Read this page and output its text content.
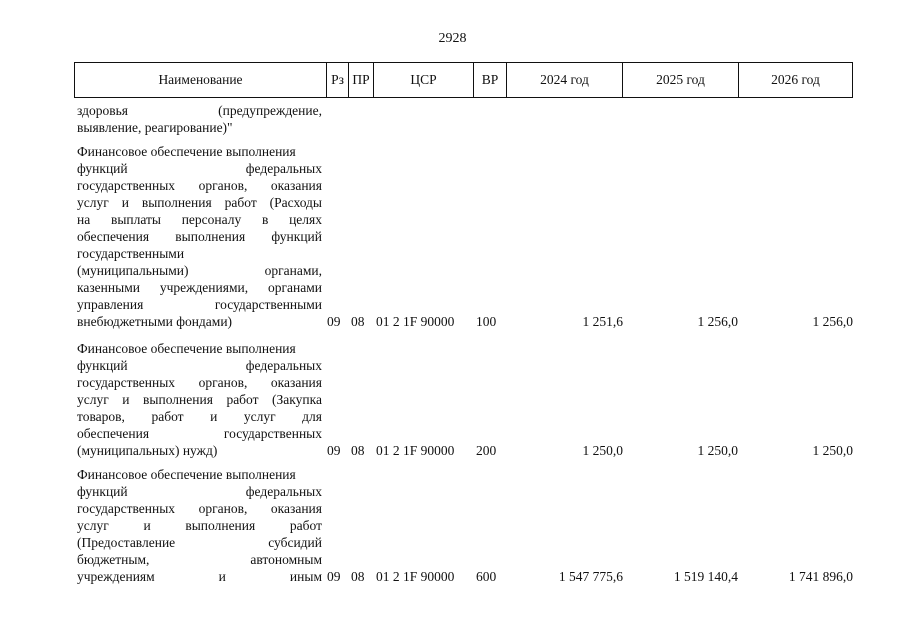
2928
Наименование	Рз ПР	ЦСР	ВР	2024 год	2025 год	2026 год
здоровья (предупреждение,
выявление, реагирование)"
Финансовое обеспечение выполнения
функций федеральных
государственных органов, оказания
услуг и выполнения работ (Расходы
на выплаты персоналу в целях
обеспечения выполнения функций
государственными
(муниципальными) органами,
казенными учреждениями, органами
управления государственными
внебюджетными фондами)	09 08 01 2 1F 90000	100	1 251,6	1 256,0	1 256,0
Финансовое обеспечение выполнения
функций федеральных
государственных органов, оказания
услуг и выполнения работ (Закупка
товаров, работ и услуг для
обеспечения государственных
(муниципальных) нужд)	09 08 01 2 1F 90000	200	1 250,0	1 250,0	1 250,0
Финансовое обеспечение выполнения
функций федеральных
государственных органов, оказания
услуг и выполнения работ
(Предоставление субсидий
бюджетным, автономным
учреждениям и иным 09 08 01 2 1F 90000	600	1 547 775,6	1 519 140,4	1 741 896,0
